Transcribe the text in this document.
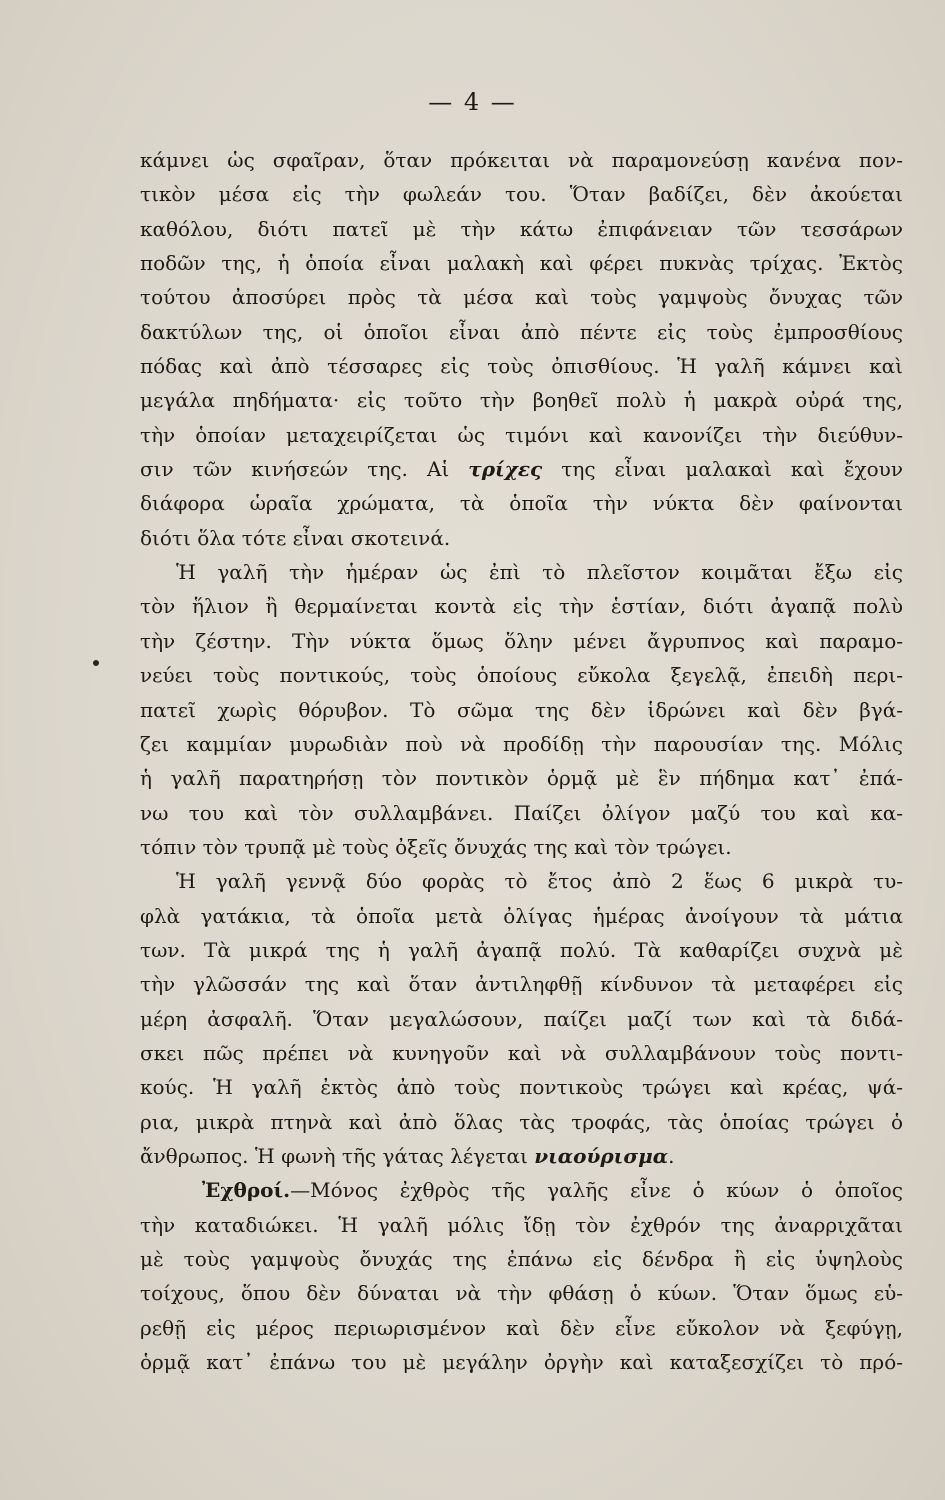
— 4 —
κάμνει ὡς σφαῖραν, ὅταν πρόκειται νὰ παραμονεύσῃ κανένα πον-
τικὸν μέσα εἰς τὴν φωλεάν του. Ὅταν βαδίζει, δὲν ἀκούεται
καθόλου, διότι πατεῖ μὲ τὴν κάτω ἐπιφάνειαν τῶν τεσσάρων
ποδῶν της, ἡ ὁποία εἶναι μαλακὴ καὶ φέρει πυκνὰς τρίχας. Ἐκτὸς
τούτου ἀποσύρει πρὸς τὰ μέσα καὶ τοὺς γαμψοὺς ὄνυχας τῶν
δακτύλων της, οἱ ὁποῖοι εἶναι ἀπὸ πέντε εἰς τοὺς ἐμπροσθίους
πόδας καὶ ἀπὸ τέσσαρες εἰς τοὺς ὀπισθίους. Ἡ γαλῆ κάμνει καὶ
μεγάλα πηδήματα· εἰς τοῦτο τὴν βοηθεῖ πολὺ ἡ μακρὰ οὐρά της,
τὴν ὁποίαν μεταχειρίζεται ὡς τιμόνι καὶ κανονίζει τὴν διεύθυν-
σιν τῶν κινήσεών της. Αἱ τρίχες της εἶναι μαλακαὶ καὶ ἔχουν
διάφορα ὡραῖα χρώματα, τὰ ὁποῖα τὴν νύκτα δὲν φαίνονται
διότι ὅλα τότε εἶναι σκοτεινά.
Ἡ γαλῆ τὴν ἡμέραν ὡς ἐπὶ τὸ πλεῖστον κοιμᾶται ἔξω εἰς
τὸν ἥλιον ἢ θερμαίνεται κοντὰ εἰς τὴν ἑστίαν, διότι ἀγαπᾷ πολὺ
τὴν ζέστην. Τὴν νύκτα ὅμως ὅλην μένει ἄγρυπνος καὶ παραμο-
νεύει τοὺς ποντικούς, τοὺς ὁποίους εὔκολα ξεγελᾷ, ἐπειδὴ περι-
πατεῖ χωρὶς θόρυβον. Τὸ σῶμα της δὲν ἱδρώνει καὶ δὲν βγά-
ζει καμμίαν μυρωδιὰν ποὺ νὰ προδίδῃ τὴν παρουσίαν της. Μόλις
ἡ γαλῆ παρατηρήσῃ τὸν ποντικὸν ὁρμᾷ μὲ ἓν πήδημα κατ᾽ ἐπά-
νω του καὶ τὸν συλλαμβάνει. Παίζει ὀλίγον μαζύ του καὶ κα-
τόπιν τὸν τρυπᾷ μὲ τοὺς ὀξεῖς ὄνυχάς της καὶ τὸν τρώγει.
Ἡ γαλῆ γεννᾷ δύο φορὰς τὸ ἔτος ἀπὸ 2 ἕως 6 μικρὰ τυ-
φλὰ γατάκια, τὰ ὁποῖα μετὰ ὀλίγας ἡμέρας ἀνοίγουν τὰ μάτια
των. Τὰ μικρά της ἡ γαλῆ ἀγαπᾷ πολύ. Τὰ καθαρίζει συχνὰ μὲ
τὴν γλῶσσάν της καὶ ὅταν ἀντιληφθῇ κίνδυνον τὰ μεταφέρει εἰς
μέρη ἀσφαλῆ. Ὅταν μεγαλώσουν, παίζει μαζί των καὶ τὰ διδά-
σκει πῶς πρέπει νὰ κυνηγοῦν καὶ νὰ συλλαμβάνουν τοὺς ποντι-
κούς. Ἡ γαλῆ ἐκτὸς ἀπὸ τοὺς ποντικοὺς τρώγει καὶ κρέας, ψά-
ρια, μικρὰ πτηνὰ καὶ ἀπὸ ὅλας τὰς τροφάς, τὰς ὁποίας τρώγει ὁ
ἄνθρωπος. Ἡ φωνὴ τῆς γάτας λέγεται νιαούρισμα.
Ἐχθροί.—Μόνος ἐχθρὸς τῆς γαλῆς εἶνε ὁ κύων ὁ ὁποῖος
τὴν καταδιώκει. Ἡ γαλῆ μόλις ἴδῃ τὸν ἐχθρόν της ἀναρριχᾶται
μὲ τοὺς γαμψοὺς ὄνυχάς της ἐπάνω εἰς δένδρα ἢ εἰς ὑψηλοὺς
τοίχους, ὅπου δὲν δύναται νὰ τὴν φθάσῃ ὁ κύων. Ὅταν ὅμως εὑ-
ρεθῇ εἰς μέρος περιωρισμένον καὶ δὲν εἶνε εὔκολον νὰ ξεφύγῃ,
ὁρμᾷ κατ᾽ ἐπάνω του μὲ μεγάλην ὀργὴν καὶ καταξεσχίζει τὸ πρό-
